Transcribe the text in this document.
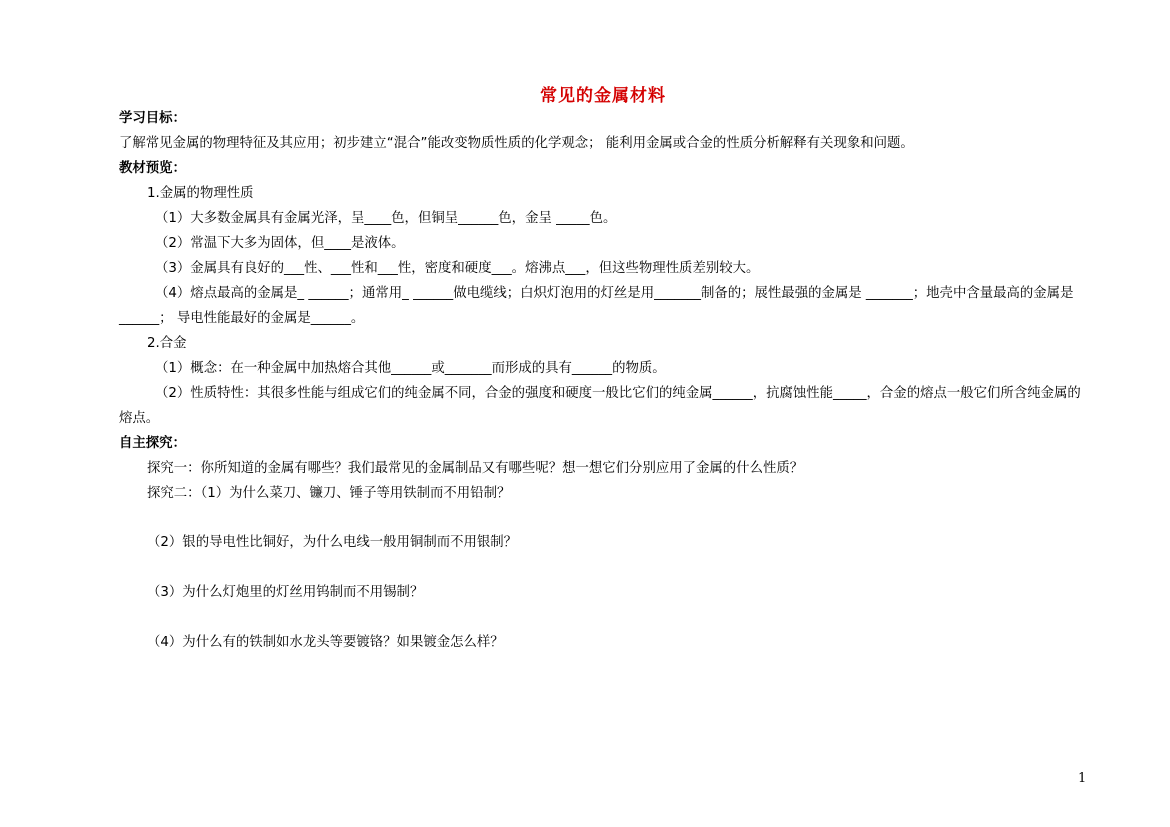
常见的金属材料
学习目标：
了解常见金属的物理特征及其应用；初步建立“混合”能改变物质性质的化学观念； 能利用金属或合金的性质分析解释有关现象和问题。
教材预览：
1.金属的物理性质
（1）大多数金属具有金属光泽，呈____色，但铜呈______色，金呈 _____色。
（2）常温下大多为固体，但____是液体。
（3）金属具有良好的___性、___性和___性，密度和硬度___。熔沸点___，但这些物理性质差别较大。
（4）熔点最高的金属是_ ______；通常用_ ______做电缆线；白炽灯泡用的灯丝是用_______制备的；展性最强的金属是 _______；地壳中含量最高的金属是______； 导电性能最好的金属是______。
2.合金
（1）概念：在一种金属中加热熔合其他______或_______而形成的具有______的物质。
（2）性质特性：其很多性能与组成它们的纯金属不同，合金的强度和硬度一般比它们的纯金属______，抗腐蚀性能_____，合金的熔点一般它们所含纯金属的熔点。
自主探究：
探究一：你所知道的金属有哪些？我们最常见的金属制品又有哪些呢？想一想它们分别应用了金属的什么性质？
探究二：（1）为什么菜刀、镰刀、锤子等用铁制而不用铅制？
（2）银的导电性比铜好，为什么电线一般用铜制而不用银制？
（3）为什么灯炮里的灯丝用钨制而不用锡制？
（4）为什么有的铁制如水龙头等要镀铬？如果镀金怎么样？
1
